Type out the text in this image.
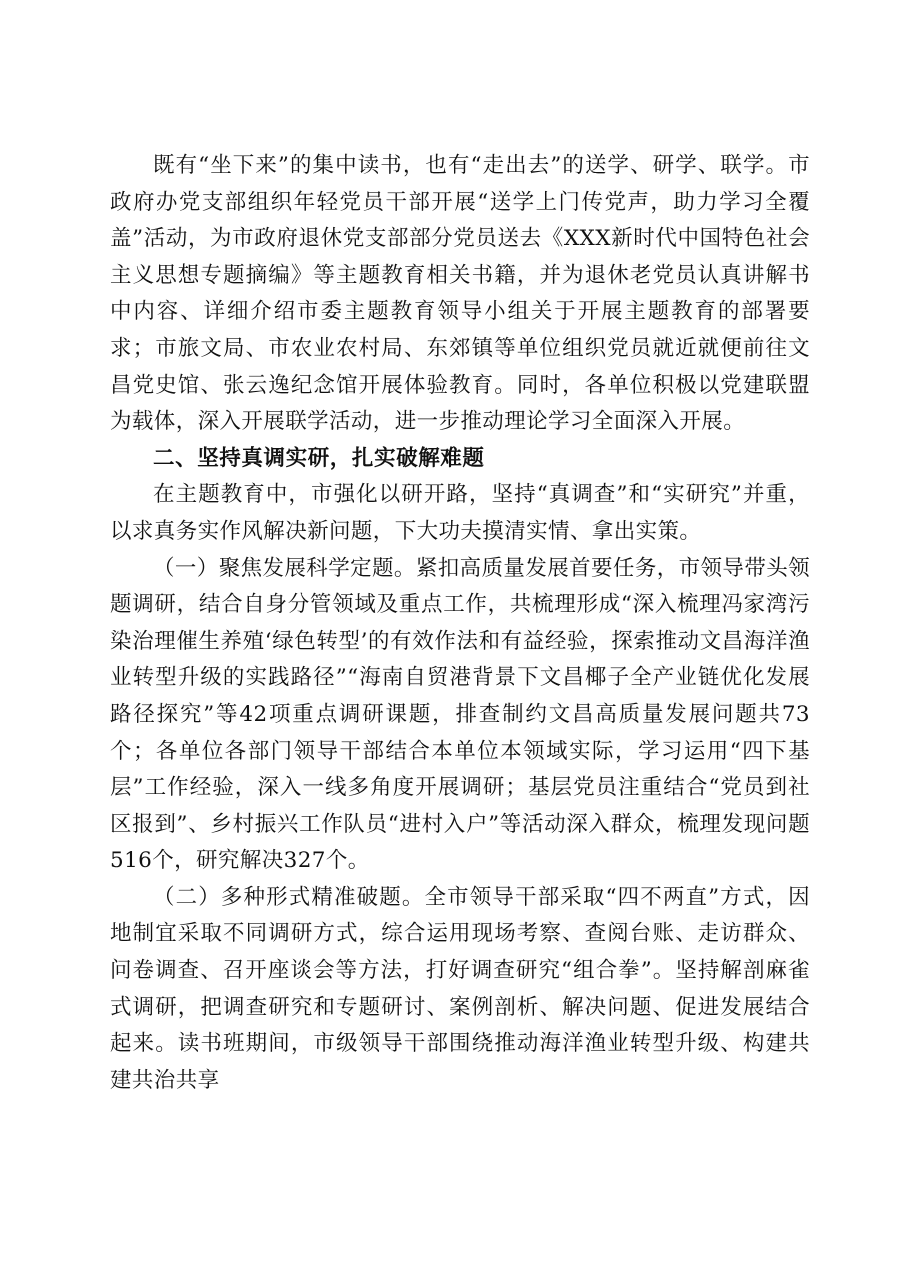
既有“坐下来”的集中读书，也有“走出去”的送学、研学、联学。市政府办党支部组织年轻党员干部开展“送学上门传党声，助力学习全覆盖”活动，为市政府退休党支部部分党员送去《XXX新时代中国特色社会主义思想专题摘编》等主题教育相关书籍，并为退休老党员认真讲解书中内容、详细介绍市委主题教育领导小组关于开展主题教育的部署要求；市旅文局、市农业农村局、东郊镇等单位组织党员就近就便前往文昌党史馆、张云逸纪念馆开展体验教育。同时，各单位积极以党建联盟为载体，深入开展联学活动，进一步推动理论学习全面深入开展。

二、坚持真调实研，扎实破解难题

在主题教育中，市强化以研开路，坚持“真调查”和“实研究”并重，以求真务实作风解决新问题，下大功夫摸清实情、拿出实策。

（一）聚焦发展科学定题。紧扣高质量发展首要任务，市领导带头领题调研，结合自身分管领域及重点工作，共梳理形成“深入梳理冯家湾污染治理催生养殖‘绿色转型’的有效作法和有益经验，探索推动文昌海洋渔业转型升级的实践路径”“海南自贸港背景下文昌椰子全产业链优化发展路径探究”等42项重点调研课题，排查制约文昌高质量发展问题共73个；各单位各部门领导干部结合本单位本领域实际，学习运用“四下基层”工作经验，深入一线多角度开展调研；基层党员注重结合“党员到社区报到”、乡村振兴工作队员“进村入户”等活动深入群众，梳理发现问题516个，研究解决327个。

（二）多种形式精准破题。全市领导干部采取“四不两直”方式，因地制宜采取不同调研方式，综合运用现场考察、查阅台账、走访群众、问卷调查、召开座谈会等方法，打好调查研究“组合拳”。坚持解剖麻雀式调研，把调查研究和专题研讨、案例剖析、解决问题、促进发展结合起来。读书班期间，市级领导干部围绕推动海洋渔业转型升级、构建共建共治共享
